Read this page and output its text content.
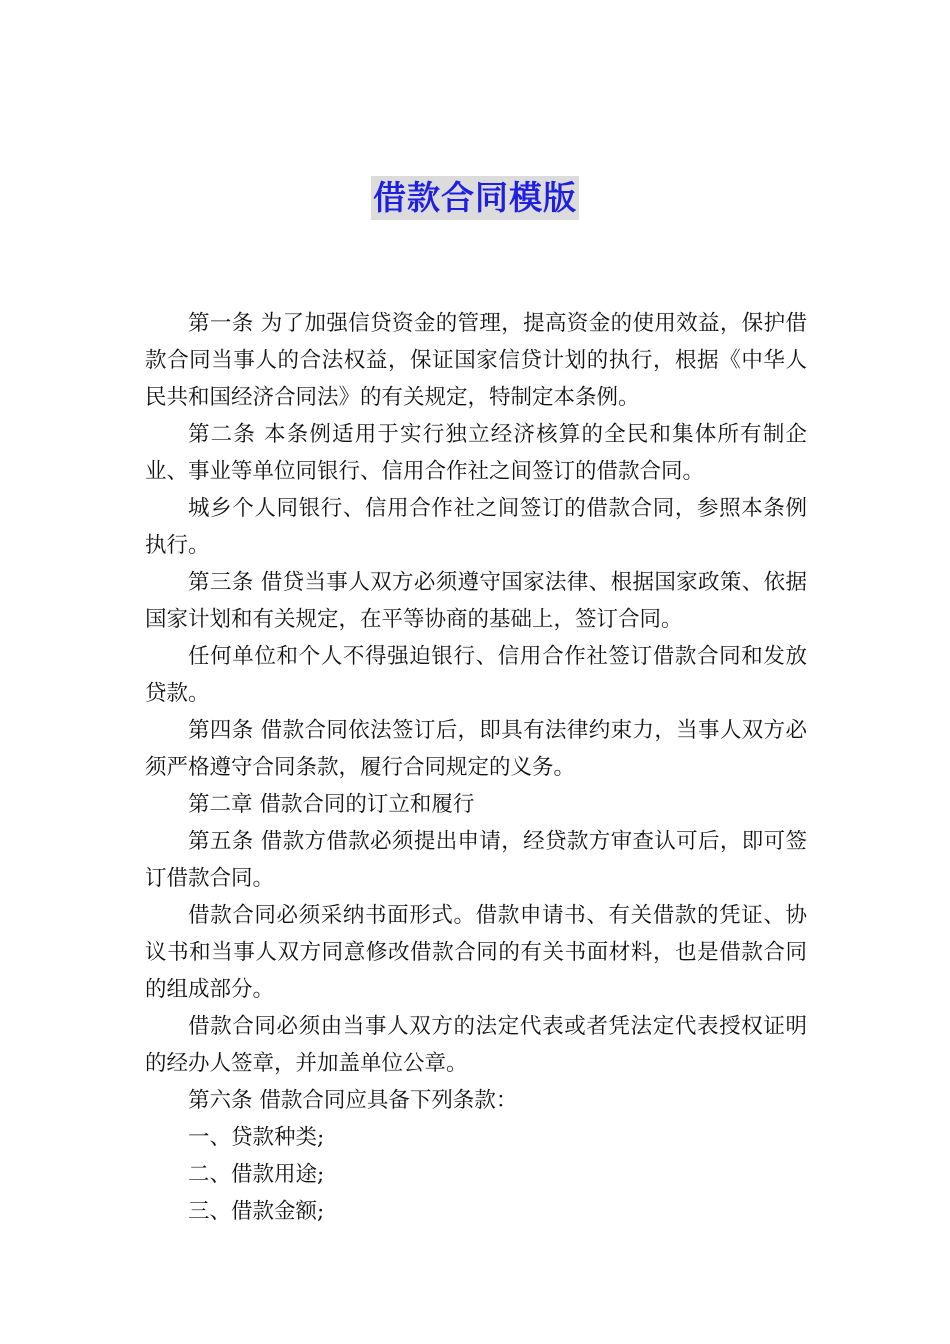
借款合同模版

第一条 为了加强信贷资金的管理，提高资金的使用效益，保护借款合同当事人的合法权益，保证国家信贷计划的执行，根据《中华人民共和国经济合同法》的有关规定，特制定本条例。

第二条 本条例适用于实行独立经济核算的全民和集体所有制企业、事业等单位同银行、信用合作社之间签订的借款合同。

城乡个人同银行、信用合作社之间签订的借款合同，参照本条例执行。

第三条 借贷当事人双方必须遵守国家法律、根据国家政策、依据国家计划和有关规定，在平等协商的基础上，签订合同。

任何单位和个人不得强迫银行、信用合作社签订借款合同和发放贷款。

第四条 借款合同依法签订后，即具有法律约束力，当事人双方必须严格遵守合同条款，履行合同规定的义务。

第二章 借款合同的订立和履行

第五条 借款方借款必须提出申请，经贷款方审查认可后，即可签订借款合同。

借款合同必须采纳书面形式。借款申请书、有关借款的凭证、协议书和当事人双方同意修改借款合同的有关书面材料，也是借款合同的组成部分。

借款合同必须由当事人双方的法定代表或者凭法定代表授权证明的经办人签章，并加盖单位公章。

第六条 借款合同应具备下列条款：

一、贷款种类;

二、借款用途;

三、借款金额;
